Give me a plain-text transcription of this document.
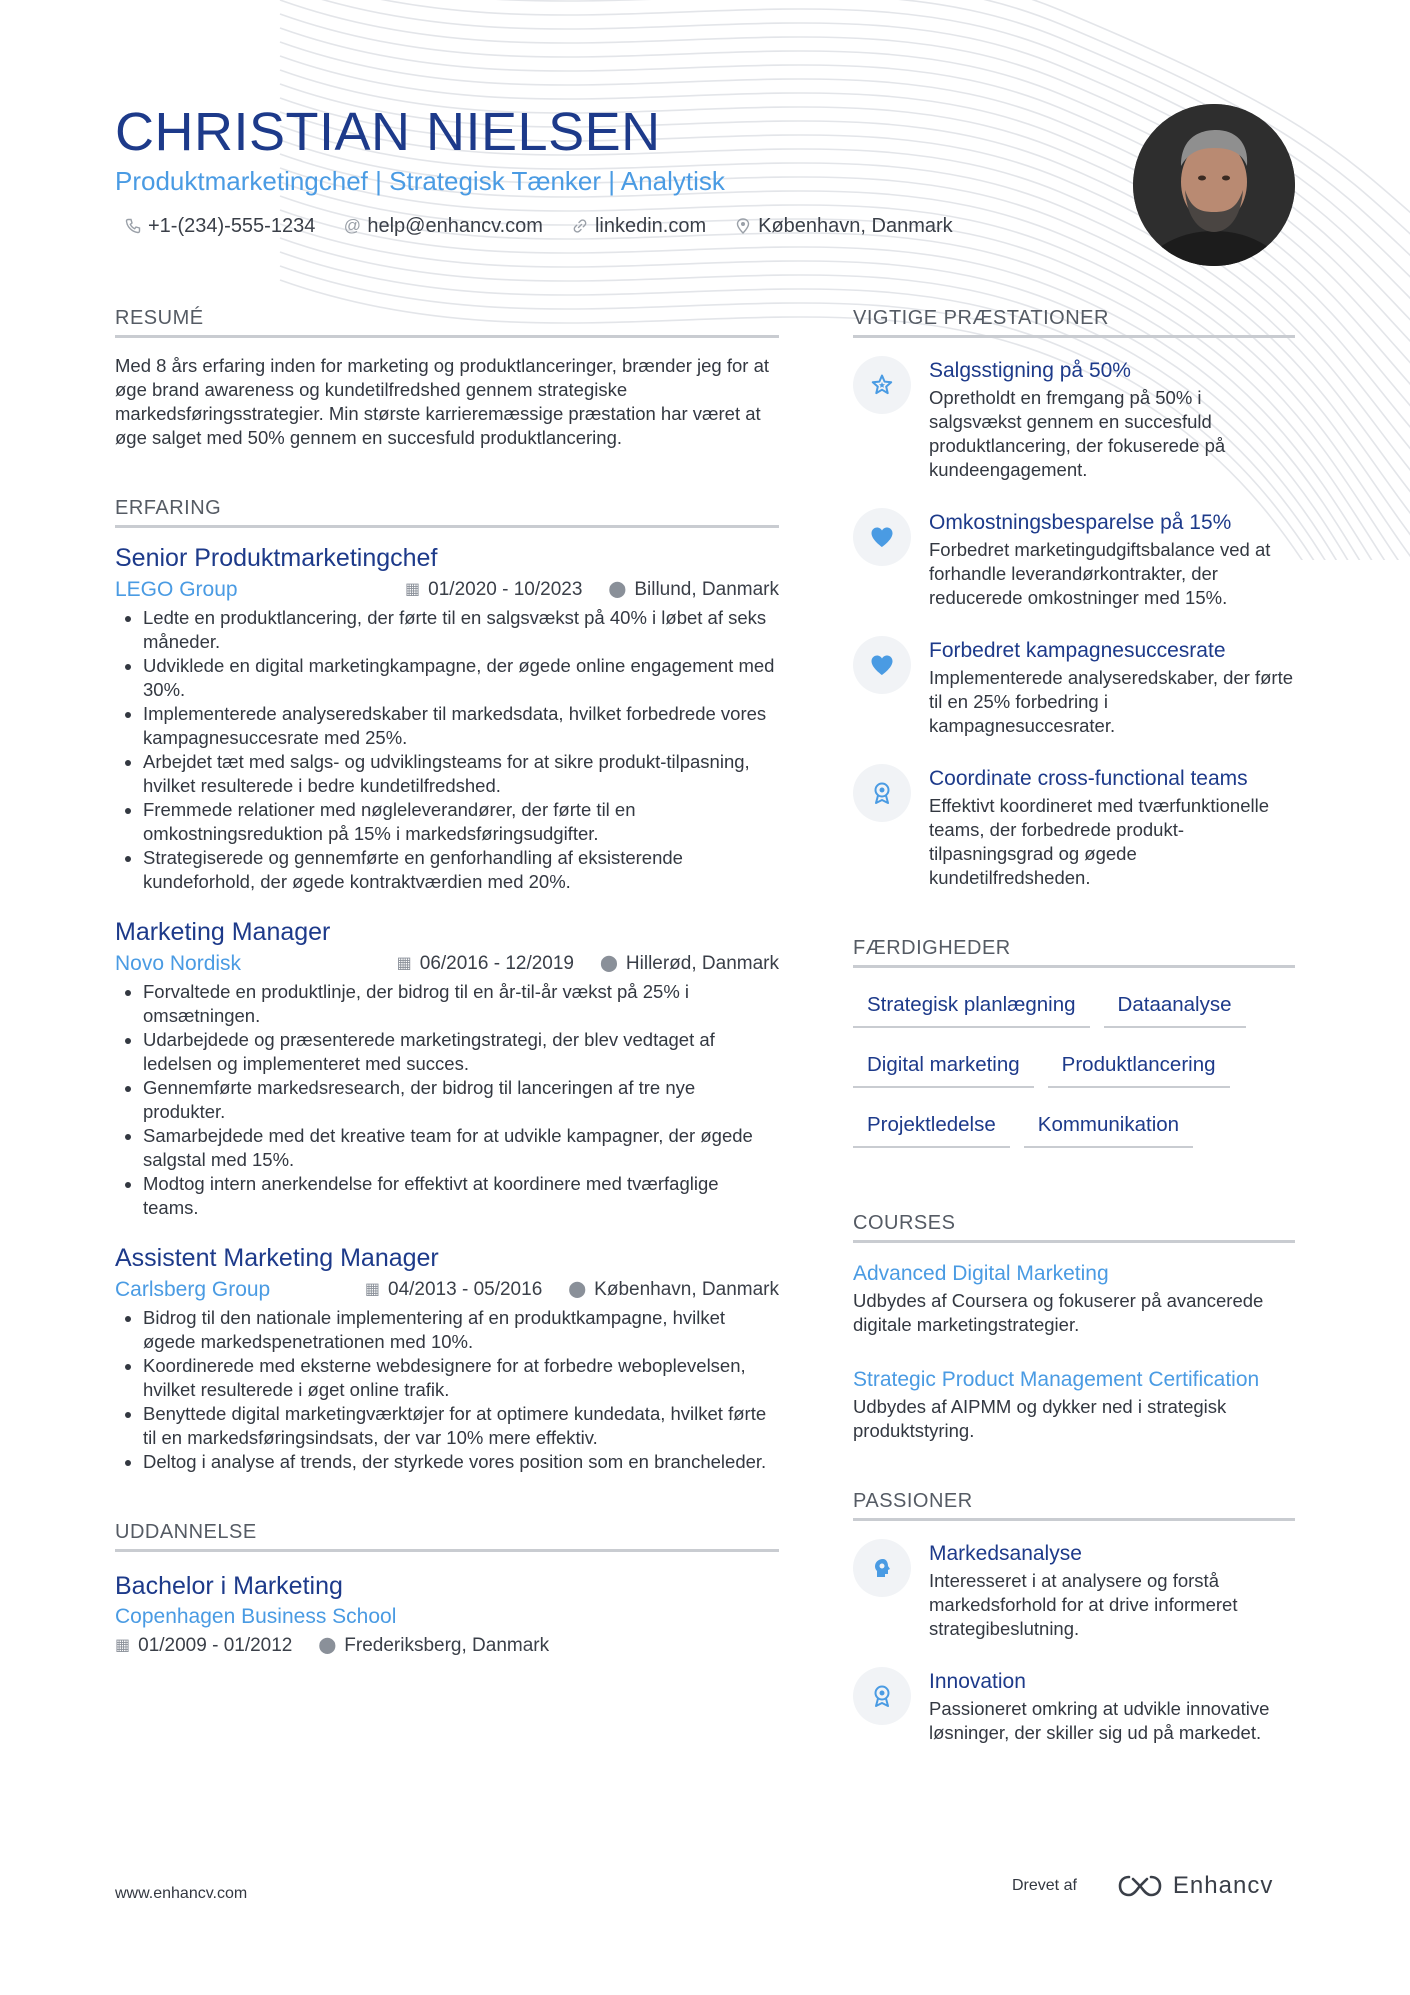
CHRISTIAN NIELSEN
Produktmarketingchef | Strategisk Tænker | Analytisk
+1-(234)-555-1234 @ help@enhancv.com	linkedin.com	København, Danmark
RESUMÉ
Med 8 års erfaring inden for marketing og produktlanceringer, brænder jeg for at øge brand awareness og kundetilfredshed gennem strategiske markedsføringsstrategier. Min største karrieremæssige præstation har været at øge salget med 50% gennem en succesfuld produktlancering.
ERFARING
Senior Produktmarketingchef
LEGO Group	▦ 01/2020 - 10/2023 ⬤ Billund, Danmark
• Ledte en produktlancering, der førte til en salgsvækst på 40% i løbet af seks måneder.
• Udviklede en digital marketingkampagne, der øgede online engagement med 30%.
• Implementerede analyseredskaber til markedsdata, hvilket forbedrede vores kampagnesuccesrate med 25%.
• Arbejdet tæt med salgs- og udviklingsteams for at sikre produkt-tilpasning, hvilket resulterede i bedre kundetilfredshed.
• Fremmede relationer med nøgleleverandører, der førte til en omkostningsreduktion på 15% i markedsføringsudgifter.
• Strategiserede og gennemførte en genforhandling af eksisterende kundeforhold, der øgede kontraktværdien med 20%.
Marketing Manager
Novo Nordisk	▦ 06/2016 - 12/2019 ⬤ Hillerød, Danmark
• Forvaltede en produktlinje, der bidrog til en år-til-år vækst på 25% i omsætningen.
• Udarbejdede og præsenterede marketingstrategi, der blev vedtaget af ledelsen og implementeret med succes.
• Gennemførte markedsresearch, der bidrog til lanceringen af tre nye produkter.
• Samarbejdede med det kreative team for at udvikle kampagner, der øgede salgstal med 15%.
• Modtog intern anerkendelse for effektivt at koordinere med tværfaglige teams.
Assistent Marketing Manager
Carlsberg Group	▦ 04/2013 - 05/2016 ⬤ København, Danmark
• Bidrog til den nationale implementering af en produktkampagne, hvilket øgede markedspenetrationen med 10%.
• Koordinerede med eksterne webdesignere for at forbedre weboplevelsen, hvilket resulterede i øget online trafik.
• Benyttede digital marketingværktøjer for at optimere kundedata, hvilket førte til en markedsføringsindsats, der var 10% mere effektiv.
• Deltog i analyse af trends, der styrkede vores position som en brancheleder.
UDDANNELSE
Bachelor i Marketing
Copenhagen Business School
▦ 01/2009 - 01/2012 ⬤ Frederiksberg, Danmark
VIGTIGE PRÆSTATIONER
Salgsstigning på 50%
Opretholdt en fremgang på 50% i salgsvækst gennem en succesfuld produktlancering, der fokuserede på kundeengagement.
Omkostningsbesparelse på 15%
Forbedret marketingudgiftsbalance ved at forhandle leverandørkontrakter, der reducerede omkostninger med 15%.
Forbedret kampagnesuccesrate
Implementerede analyseredskaber, der førte til en 25% forbedring i kampagnesuccesrater.
Coordinate cross-functional teams
Effektivt koordineret med tværfunktionelle teams, der forbedrede produkt-tilpasningsgrad og øgede kundetilfredsheden.
FÆRDIGHEDER
Strategisk planlægning	Dataanalyse
Digital marketing	Produktlancering
Projektledelse	Kommunikation
COURSES
Advanced Digital Marketing
Udbydes af Coursera og fokuserer på avancerede digitale marketingstrategier.
Strategic Product Management Certification
Udbydes af AIPMM og dykker ned i strategisk produktstyring.
PASSIONER
Markedsanalyse
Interesseret i at analysere og forstå markedsforhold for at drive informeret strategibeslutning.
Innovation
Passioneret omkring at udvikle innovative løsninger, der skiller sig ud på markedet.
www.enhancv.com	Drevet af	Enhancv
